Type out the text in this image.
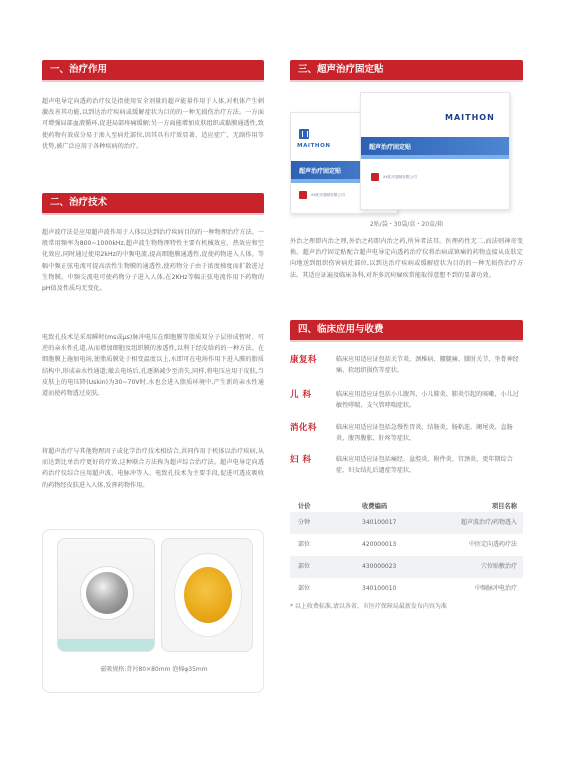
一、治疗作用
超声电导定向透药治疗仪是指使用安全剂量的超声能量作用于人体,对机体产生刺激改善其功能,以到达治疗疾病或缓解症状为目的的一种无损伤治疗方法。一方面可增强局部血液循环,促进局部疼痛缓解;另一方面能增加皮肤组织或黏膜通透性,致使药物有效成分易于渗入至病灶部位,因其具有疗效显著、适应症广、无副作用等优势,被广泛应用于各种疾病的治疗。
二、治疗技术
超声波疗法是应用超声波作用于人体以达到治疗疾病目的的一种物理治疗方法。一般常用频率为800~1000kHz,超声波生物物理特性主要有机械效应、热效应和空化效应,同时通过使用2kHz的中频电流,提高细胞膜通透性,促使药物进入人体。等幅中频正弦电流可提高活性生物膜的通透性,使药物分子由于浓度梯度而扩散进过生物膜。中频交流电可使药物分子进入人体,在2KHz等幅正弦电流作用下药物的pH值及性质均无变化。
电致孔技术是采用瞬时(ms或μs)脉冲电压在细胞膜等脂质双分子层形成暂时、可逆的亲水性孔道,从而增加细胞及组织膜的渗透性,以利于经皮给药的一种方法。在细胞膜上施加电场,使脂质膜处于相变温度以上,水即可在电场作用下进入膜的脂质结构中,形成亲水性通道;撤去电场后,孔逐渐减少至消失,同样,将电压应用于皮肤,当皮肤上的电压降(Uskin)为30~70V时,水也会进入脂质环境中,产生新的亲水性通道而使药物透过皮肤。
将超声治疗与其他物理因子或化学治疗技术相结合,共同作用于机体以治疗疾病,从而达到比单治疗更好的疗效,这种联合方法称为超声综合治疗法。超声电导定向透药治疗仪综合应用超声波、电脉冲等入、电致孔技术为主要手段,促进可透皮吸收的药物经皮肤进入人体,发挥药物作用。
磁吸规格:背衬80×80mm 泡棉φ35mm
三、超声治疗固定贴
MAITHON
超声治疗固定贴
XX医疗器械有限公司
MAITHON
超声治疗固定贴
XX医疗器械有限公司
2贴/袋・30袋/盒・20盒/箱
外治之理即内治之理,外治之药即内治之药,所异者法耳。医理药性无二,而法则神奇变换。超声治疗固定贴配合超声电导定向透药治疗仪将治病或镇痛的药物直接从皮肤定向地送到组织伤害病灶部位,以到达治疗疾病或缓解症状为目的的一种无损伤治疗方法。其适应证遍及临床各科,对许多沉疴痼疾常能取得意想不到的显著功效。
四、临床应用与收费
康复科	临床应用适应证包括关节炎、颈椎病、腰腿痛、膝肘关节、坐骨神经痛、软组织损伤等症状。
儿 科	临床应用适应证包括小儿腹泻、小儿肺炎、肺炎引起的咳嗽、小儿过敏性哮喘、支气管哮喘症状。
消化科	临床应用适应证包括急慢性胃炎、结肠炎、肠粘连、阑尾炎、直肠炎、腹泻腹胀、肝疼等症状。
妇 科	临床应用适应证包括痛经、盆腔炎、附件炎、宫颈炎、更年期综合症、妇女结扎后遗症等症状。
计价	收费编码	项目名称
分钟	340100017	超声波治疗/药物透入
部位	420000013	中医定向透药疗法
部位	430000023	穴位贴敷治疗
部位	340100010	中频脉冲电治疗
* 以上收费标准,请以各省、市医疗保障局最新发布内容为准
